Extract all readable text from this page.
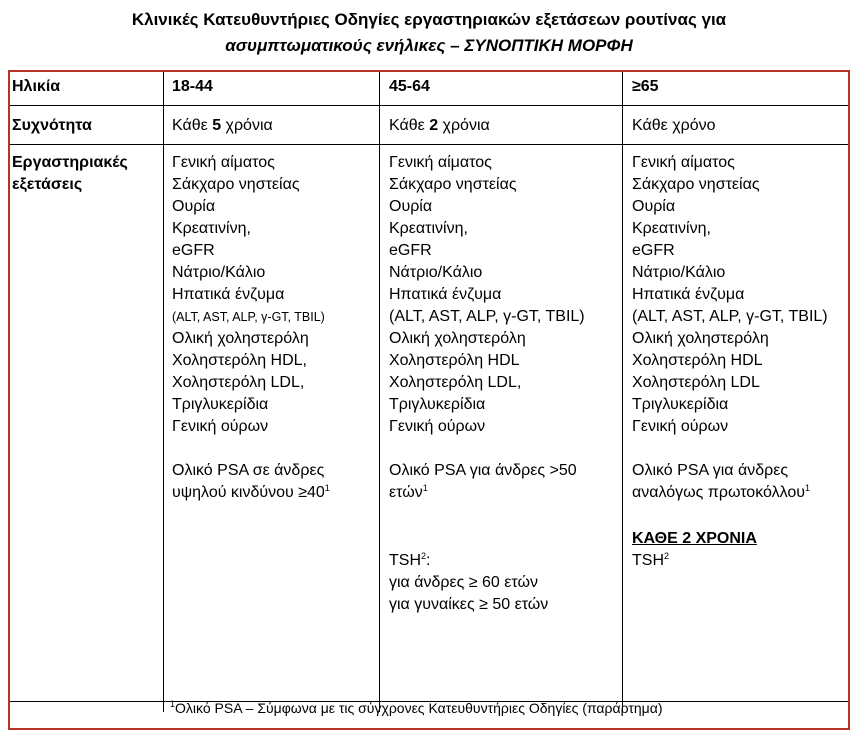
Κλινικές Κατευθυντήριες Οδηγίες εργαστηριακών εξετάσεων ρουτίνας για
ασυμπτωματικούς ενήλικες – ΣΥΝΟΠΤΙΚΗ ΜΟΡΦΗ
Ηλικία
Συχνότητα
Εργαστηριακές
εξετάσεις
18-44
Κάθε 5 χρόνια
Γενική αίματος
Σάκχαρο νηστείας
Ουρία
Κρεατινίνη,
eGFR
Νάτριο/Κάλιο
Ηπατικά ένζυμα
(ALT, AST, ALP, γ-GT, TBIL)
Ολική χοληστερόλη
Χοληστερόλη HDL,
Χοληστερόλη LDL,
Τριγλυκερίδια
Γενική ούρων
Ολικό PSA σε άνδρες
υψηλού $\kappa\iota\nu\delta ύ\nu o\upsilon \ge 40^1$
45-64
Κάθε 2 χρόνια
Γενική αίματος
Σάκχαρο νηστείας
Ουρία
Κρεατινίνη,
eGFR
Νάτριο/Κάλιο
Ηπατικά ένζυμα
(ALT, AST, ALP, γ-GT, TBIL)
Ολική χοληστερόλη
Χοληστερόλη HDL
Χοληστερόλη LDL,
Τριγλυκερίδια
Γενική ούρων
Ολικό PSA για άνδρες >50
ετών$^1$
TSH$^2$:
για άνδρες ≥ 60 ετών
για γυναίκες ≥ 50 ετών
≥65
Κάθε χρόνο
Γενική αίματος
Σάκχαρο νηστείας
Ουρία
Κρεατινίνη,
eGFR
Νάτριο/Κάλιο
Ηπατικά ένζυμα
(ALT, AST, ALP, γ-GT, TBIL)
Ολική χοληστερόλη
Χοληστερόλη HDL
Χοληστερόλη LDL
Τριγλυκερίδια
Γενική ούρων
Ολικό PSA για άνδρες
αναλόγως πρωτοκόλλου$^1$
ΚΑΘΕ 2 ΧΡΟΝΙΑ
TSH$^2$
$^1$Ολικό PSA – Σύμφωνα με τις σύγχρονες Κατευθυντήριες Οδηγίες (παράρτημα)
